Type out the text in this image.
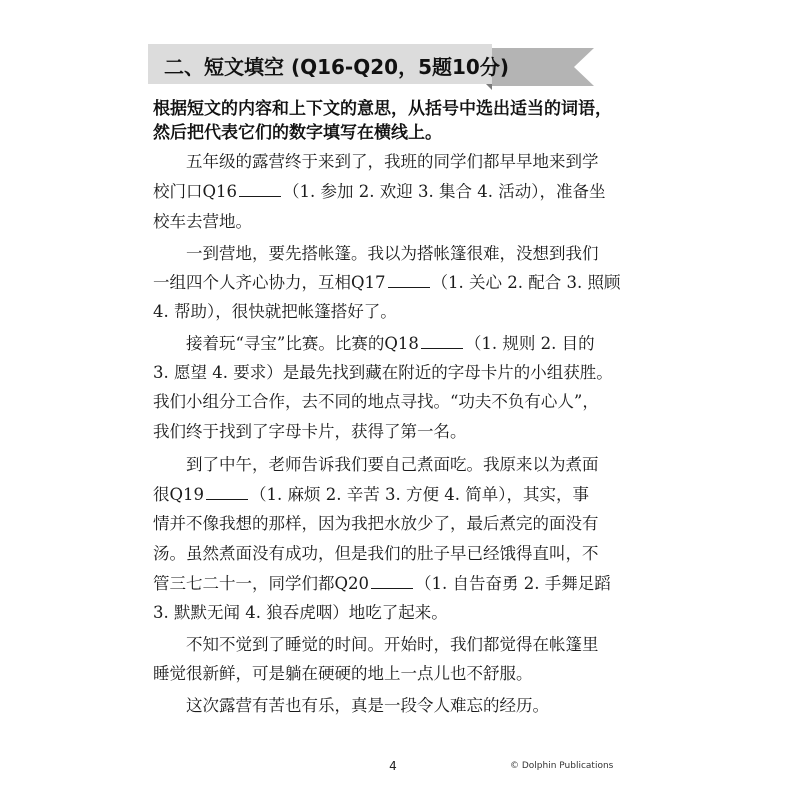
二、短文填空 (Q16-Q20，5题10分)
根据短文的内容和上下文的意思，从括号中选出适当的词语，
然后把代表它们的数字填写在横线上。
五年级的露营终于来到了，我班的同学们都早早地来到学
校门口Q16	（1. 参加 2. 欢迎 3. 集合 4. 活动），准备坐
校车去营地。
一到营地，要先搭帐篷。我以为搭帐篷很难，没想到我们
一组四个人齐心协力，互相Q17	（1. 关心 2. 配合 3. 照顾
4. 帮助），很快就把帐篷搭好了。
接着玩“寻宝”比赛。比赛的Q18	（1. 规则 2. 目的
3. 愿望 4. 要求）是最先找到藏在附近的字母卡片的小组获胜。
我们小组分工合作，去不同的地点寻找。“功夫不负有心人”，
我们终于找到了字母卡片，获得了第一名。
到了中午，老师告诉我们要自己煮面吃。我原来以为煮面
很Q19	（1. 麻烦 2. 辛苦 3. 方便 4. 简单），其实，事
情并不像我想的那样，因为我把水放少了，最后煮完的面没有
汤。虽然煮面没有成功，但是我们的肚子早已经饿得直叫，不
管三七二十一，同学们都Q20	（1. 自告奋勇 2. 手舞足蹈
3. 默默无闻 4. 狼吞虎咽）地吃了起来。
不知不觉到了睡觉的时间。开始时，我们都觉得在帐篷里
睡觉很新鲜，可是躺在硬硬的地上一点儿也不舒服。
这次露营有苦也有乐，真是一段令人难忘的经历。
4	© Dolphin Publications
